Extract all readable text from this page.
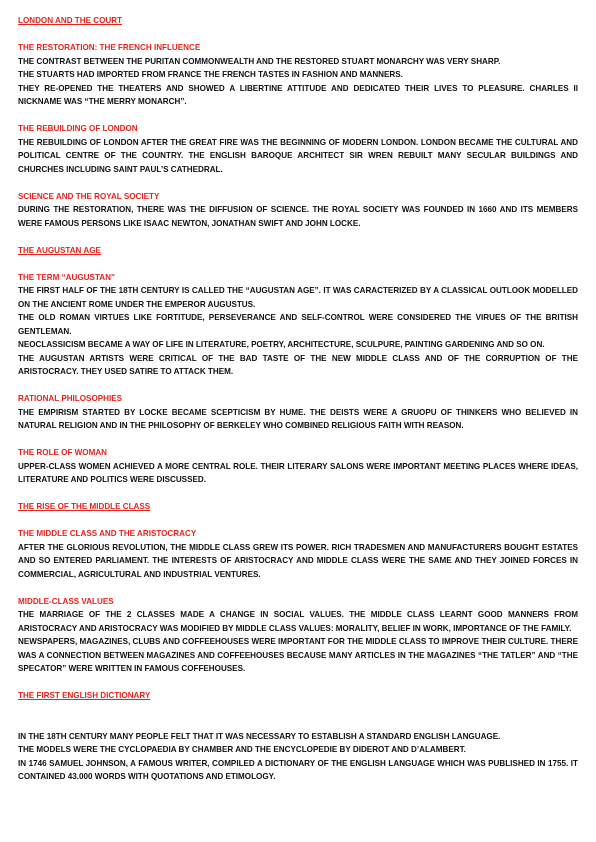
LONDON AND THE COURT

THE RESTORATION: THE FRENCH INFLUENCE

THE CONTRAST BETWEEN THE PURITAN COMMONWEALTH AND THE RESTORED STUART MONARCHY WAS VERY SHARP.

THE STUARTS HAD IMPORTED FROM FRANCE THE FRENCH TASTES IN FASHION AND MANNERS.

THEY RE-OPENED THE THEATERS AND SHOWED A LIBERTINE ATTITUDE AND DEDICATED THEIR LIVES TO PLEASURE. CHARLES II NICKNAME WAS “THE MERRY MONARCH”.

THE REBUILDING OF LONDON

THE REBUILDING OF LONDON AFTER THE GREAT FIRE WAS THE BEGINNING OF MODERN LONDON. LONDON BECAME THE CULTURAL AND POLITICAL CENTRE OF THE COUNTRY. THE ENGLISH BAROQUE ARCHITECT SIR WREN REBUILT MANY SECULAR BUILDINGS AND CHURCHES INCLUDING SAINT PAUL’S CATHEDRAL.

SCIENCE AND THE ROYAL SOCIETY

DURING THE RESTORATION, THERE WAS THE DIFFUSION OF SCIENCE. THE ROYAL SOCIETY WAS FOUNDED IN 1660 AND ITS MEMBERS WERE FAMOUS PERSONS LIKE ISAAC NEWTON, JONATHAN SWIFT AND JOHN LOCKE.

THE AUGUSTAN AGE

THE TERM “AUGUSTAN”

THE FIRST HALF OF THE 18TH CENTURY IS CALLED THE “AUGUSTAN AGE”. IT WAS CARACTERIZED BY A CLASSICAL OUTLOOK MODELLED ON THE ANCIENT ROME UNDER THE EMPEROR AUGUSTUS.

THE OLD ROMAN VIRTUES LIKE FORTITUDE, PERSEVERANCE AND SELF-CONTROL WERE CONSIDERED THE VIRUES OF THE BRITISH GENTLEMAN.

NEOCLASSICISM BECAME A WAY OF LIFE IN LITERATURE, POETRY, ARCHITECTURE, SCULPURE, PAINTING GARDENING AND SO ON.

THE AUGUSTAN ARTISTS WERE CRITICAL OF THE BAD TASTE OF THE NEW MIDDLE CLASS AND OF THE CORRUPTION OF THE ARISTOCRACY. THEY USED SATIRE TO ATTACK THEM.

RATIONAL PHILOSOPHIES

THE EMPIRISM STARTED BY LOCKE BECAME SCEPTICISM BY HUME. THE DEISTS WERE A GRUOPU OF THINKERS WHO BELIEVED IN NATURAL RELIGION AND IN THE PHILOSOPHY OF BERKELEY WHO COMBINED RELIGIOUS FAITH WITH REASON.

THE ROLE OF WOMAN

UPPER-CLASS WOMEN ACHIEVED A MORE CENTRAL ROLE. THEIR LITERARY SALONS WERE IMPORTANT MEETING PLACES WHERE IDEAS, LITERATURE AND POLITICS WERE DISCUSSED.

THE RISE OF THE MIDDLE CLASS

THE MIDDLE CLASS AND THE ARISTOCRACY

AFTER THE GLORIOUS REVOLUTION, THE MIDDLE CLASS GREW ITS POWER. RICH TRADESMEN AND MANUFACTURERS BOUGHT ESTATES AND SO ENTERED PARLIAMENT. THE INTERESTS OF ARISTOCRACY AND MIDDLE CLASS WERE THE SAME AND THEY JOINED FORCES IN COMMERCIAL, AGRICULTURAL AND INDUSTRIAL VENTURES.

MIDDLE-CLASS VALUES

THE MARRIAGE OF THE 2 CLASSES MADE A CHANGE IN SOCIAL VALUES. THE MIDDLE CLASS LEARNT GOOD MANNERS FROM ARISTOCRACY AND ARISTOCRACY WAS MODIFIED BY MIDDLE CLASS VALUES: MORALITY, BELIEF IN WORK, IMPORTANCE OF THE FAMILY.

NEWSPAPERS, MAGAZINES, CLUBS AND COFFEEHOUSES WERE IMPORTANT FOR THE MIDDLE CLASS TO IMPROVE THEIR CULTURE. THERE WAS A CONNECTION BETWEEN MAGAZINES AND COFFEEHOUSES BECAUSE MANY ARTICLES IN THE MAGAZINES “THE TATLER” AND “THE SPECATOR” WERE WRITTEN IN FAMOUS COFFEHOUSES.

THE FIRST ENGLISH DICTIONARY

IN THE 18TH CENTURY MANY PEOPLE FELT THAT IT WAS NECESSARY TO ESTABLISH A STANDARD ENGLISH LANGUAGE.

THE MODELS WERE THE CYCLOPAEDIA BY CHAMBER AND THE ENCYCLOPEDIE BY DIDEROT AND D’ALAMBERT.

IN 1746 SAMUEL JOHNSON, A FAMOUS WRITER, COMPILED A DICTIONARY OF THE ENGLISH LANGUAGE WHICH WAS PUBLISHED IN 1755. IT CONTAINED 43.000 WORDS WITH QUOTATIONS AND ETIMOLOGY.
